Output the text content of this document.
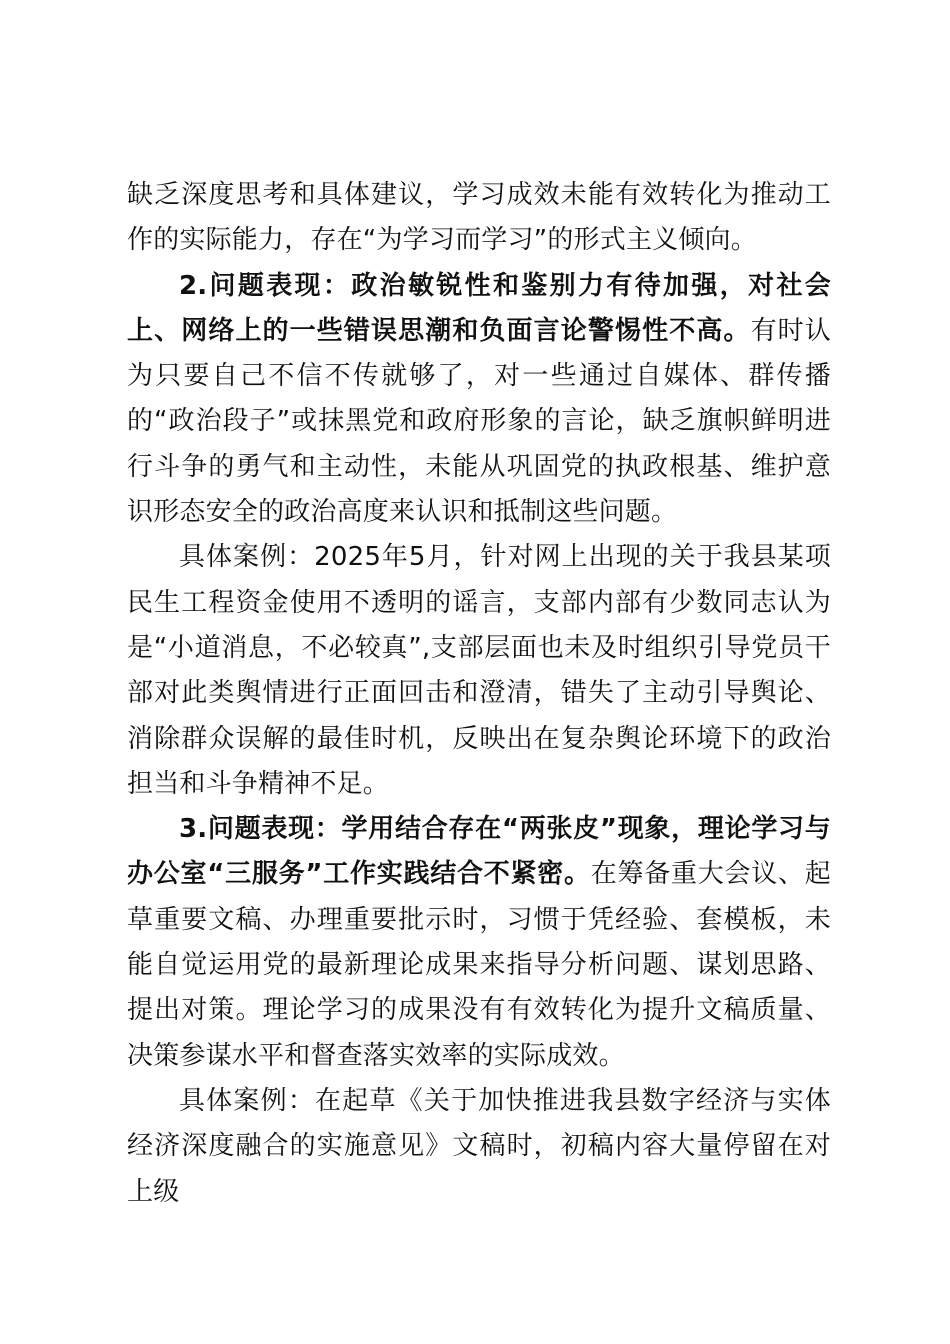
缺乏深度思考和具体建议，学习成效未能有效转化为推动工作的实际能力，存在“为学习而学习”的形式主义倾向。

2.问题表现：政治敏锐性和鉴别力有待加强，对社会上、网络上的一些错误思潮和负面言论警惕性不高。有时认为只要自己不信不传就够了，对一些通过自媒体、群传播的“政治段子”或抹黑党和政府形象的言论，缺乏旗帜鲜明进行斗争的勇气和主动性，未能从巩固党的执政根基、维护意识形态安全的政治高度来认识和抵制这些问题。

具体案例：2025年5月，针对网上出现的关于我县某项民生工程资金使用不透明的谣言，支部内部有少数同志认为是“小道消息，不必较真”,支部层面也未及时组织引导党员干部对此类舆情进行正面回击和澄清，错失了主动引导舆论、消除群众误解的最佳时机，反映出在复杂舆论环境下的政治担当和斗争精神不足。

3.问题表现：学用结合存在“两张皮”现象，理论学习与办公室“三服务”工作实践结合不紧密。在筹备重大会议、起草重要文稿、办理重要批示时，习惯于凭经验、套模板，未能自觉运用党的最新理论成果来指导分析问题、谋划思路、提出对策。理论学习的成果没有有效转化为提升文稿质量、决策参谋水平和督查落实效率的实际成效。

具体案例：在起草《关于加快推进我县数字经济与实体经济深度融合的实施意见》文稿时，初稿内容大量停留在对上级
